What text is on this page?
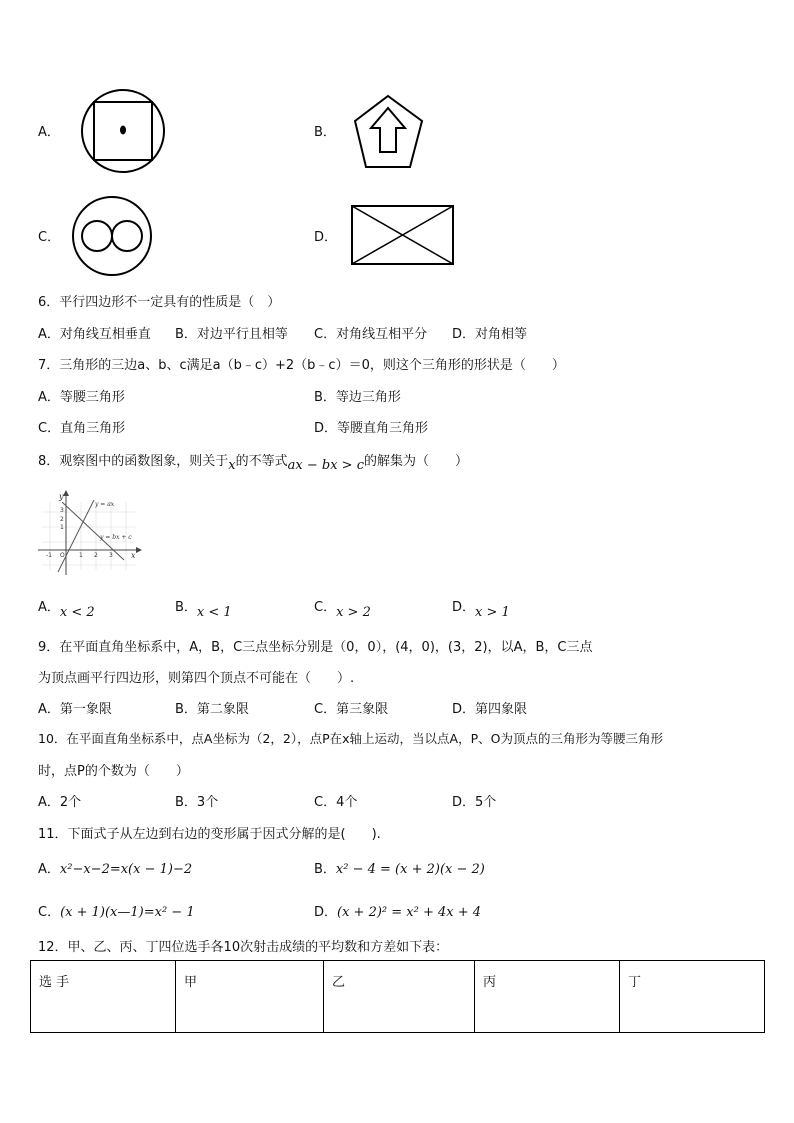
A．	B．
C．	D．
6．平行四边形不一定具有的性质是（　）
A．对角线互相垂直 B．对边平行且相等 C．对角线互相平分 D．对角相等
7．三角形的三边a、b、c满足a（b﹣c）+2（b﹣c）＝0，则这个三角形的形状是（　　）
A．等腰三角形	B．等边三角形
C．直角三角形	D．等腰直角三角形
8．观察图中的函数图象，则关于x的不等式ax − bx > c的解集为（　　）
y = ax
y = bx + c
x
y
-1	1 2 3
1
2
3
O
A．x < 2	B．x < 1	C．x > 2	D．x > 1
9．在平面直角坐标系中，A，B，C三点坐标分别是（0，0），(4，0)，(3，2)，以A，B，C三点
为顶点画平行四边形，则第四个顶点不可能在（　　）.
A．第一象限	B．第二象限	C．第三象限	D．第四象限
10．在平面直角坐标系中，点A坐标为（2，2），点P在x轴上运动，当以点A，P、O为顶点的三角形为等腰三角形
时，点P的个数为（　　）
A．2个	B．3个	C．4个	D．5个
11．下面式子从左边到右边的变形属于因式分解的是(　　).
A．x²−x−2=x(x − 1)−2	B．x² − 4 = (x + 2)(x − 2)
C．(x + 1)(x—1)=x² − 1	D．(x + 2)² = x² + 4x + 4
12．甲、乙、丙、丁四位选手各10次射击成绩的平均数和方差如下表：
选 手	甲	乙	丙	丁
